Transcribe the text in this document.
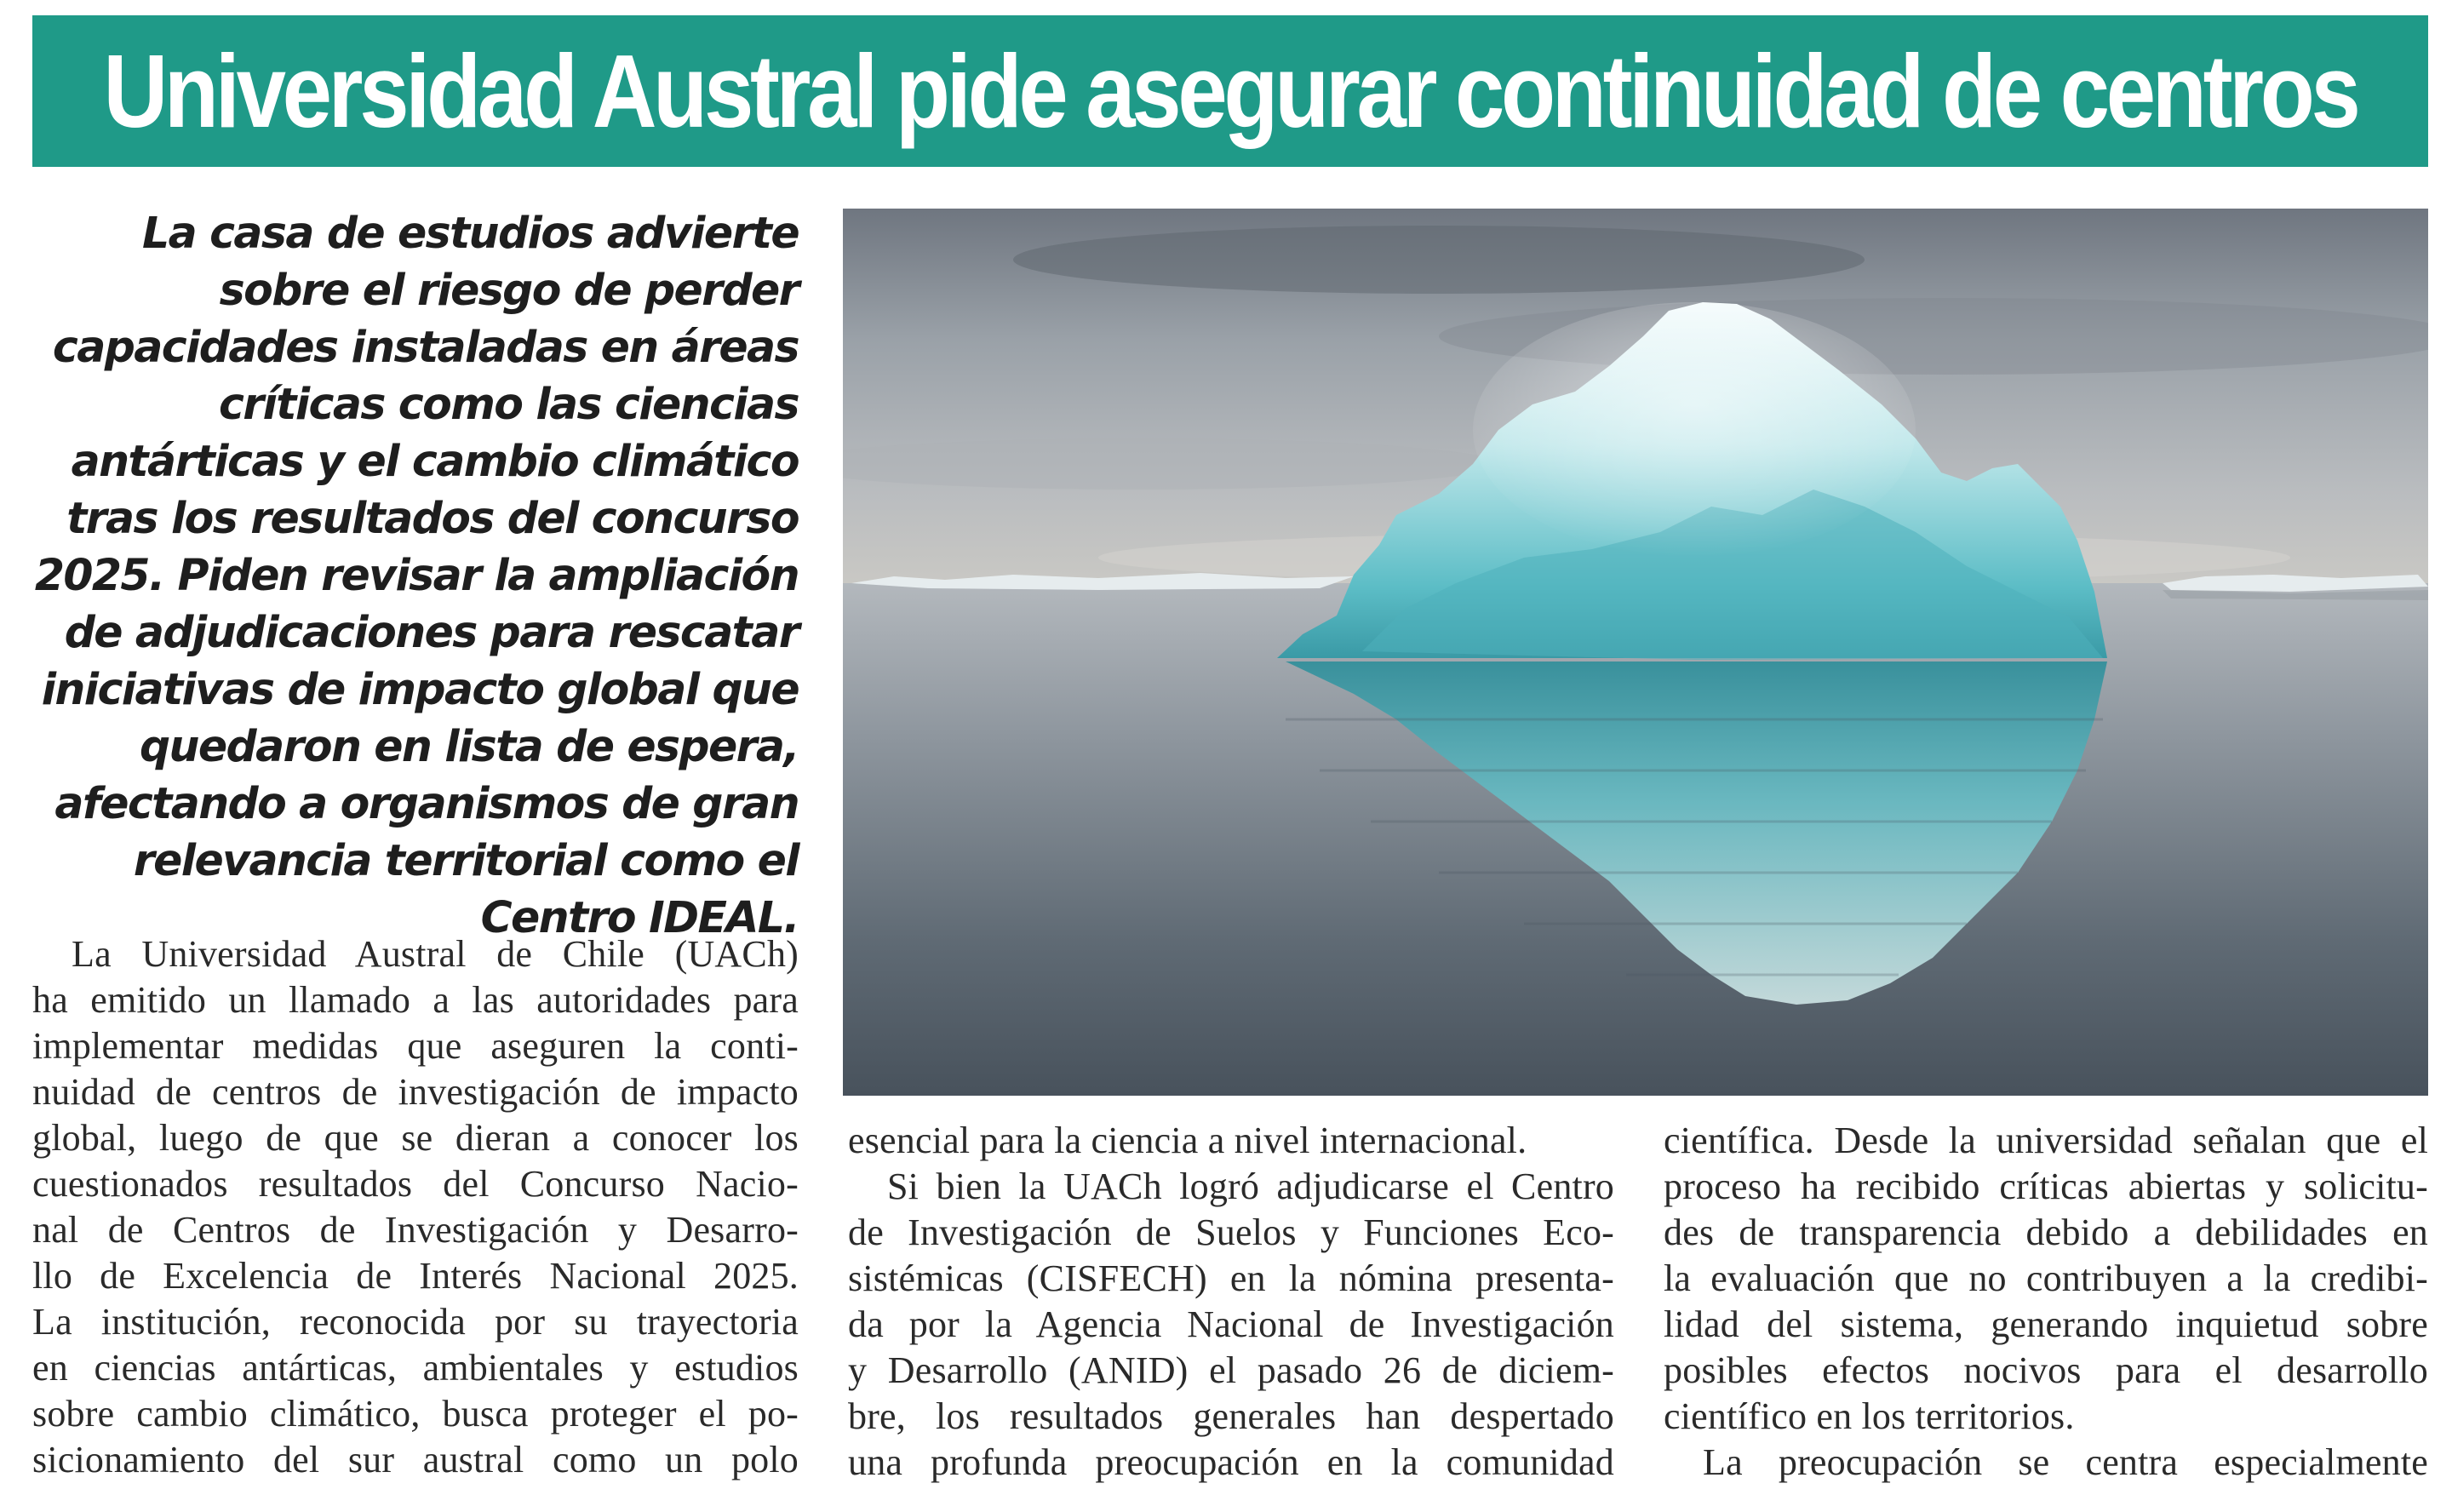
Universidad Austral pide asegurar continuidad de centros

La casa de estudios advierte sobre el riesgo de perder capacidades instaladas en áreas críticas como las ciencias antárticas y el cambio climático tras los resultados del concurso 2025. Piden revisar la ampliación de adjudicaciones para rescatar iniciativas de impacto global que quedaron en lista de espera, afectando a organismos de gran relevancia territorial como el Centro IDEAL.

La Universidad Austral de Chile (UACh)

ha emitido un llamado a las autoridades para

implementar medidas que aseguren la conti-

nuidad de centros de investigación de impacto

global, luego de que se dieran a conocer los

cuestionados resultados del Concurso Nacio-

nal de Centros de Investigación y Desarro-

llo de Excelencia de Interés Nacional 2025.

La institución, reconocida por su trayectoria

en ciencias antárticas, ambientales y estudios

sobre cambio climático, busca proteger el po-

sicionamiento del sur austral como un polo

esencial para la ciencia a nivel internacional.

Si bien la UACh logró adjudicarse el Centro

de Investigación de Suelos y Funciones Eco-

sistémicas (CISFECH) en la nómina presenta-

da por la Agencia Nacional de Investigación

y Desarrollo (ANID) el pasado 26 de diciem-

bre, los resultados generales han despertado

una profunda preocupación en la comunidad

científica. Desde la universidad señalan que el

proceso ha recibido críticas abiertas y solicitu-

des de transparencia debido a debilidades en

la evaluación que no contribuyen a la credibi-

lidad del sistema, generando inquietud sobre

posibles efectos nocivos para el desarrollo

científico en los territorios.

La preocupación se centra especialmente
